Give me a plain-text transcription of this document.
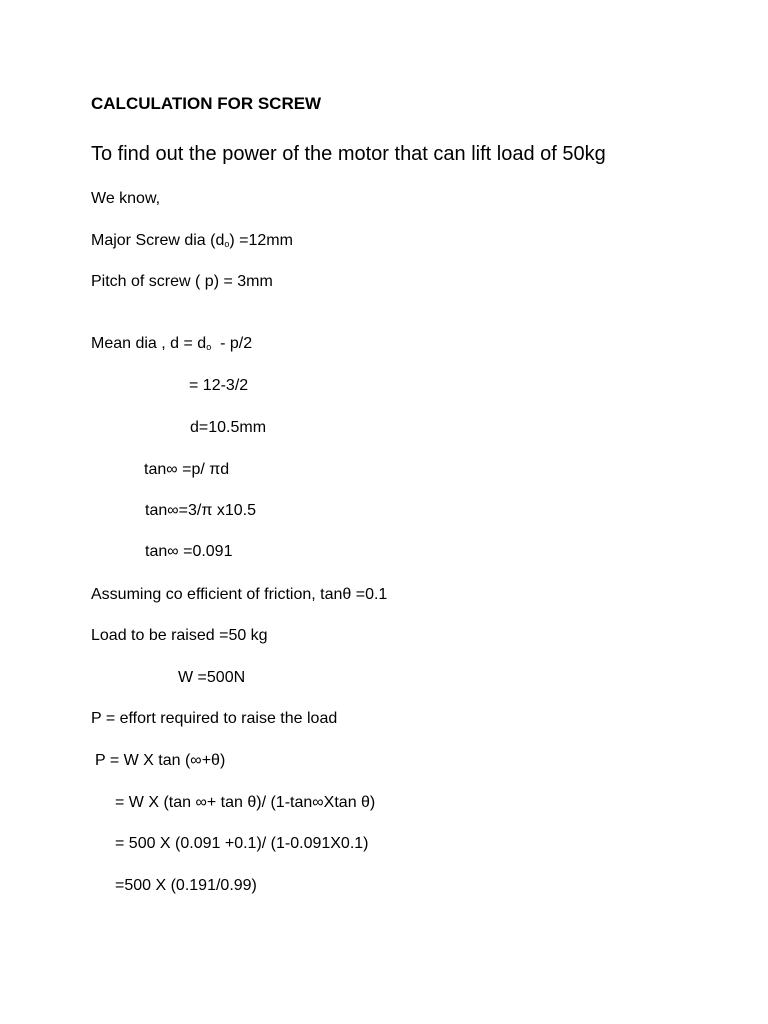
CALCULATION FOR SCREW
To find out the power of the motor that can lift load of 50kg
We know,
Major Screw dia $(d_o) =12mm$
Pitch of screw ( p) = 3mm
Mean dia , $d = d_o - p/2$
= 12-3/2
d=10.5mm
tan∞ =p/ πd
tan∞=3/π x10.5
tan∞ =0.091
Assuming co efficient of friction, tanθ =0.1
Load to be raised =50 kg
W =500N
P = effort required to raise the load
P = W X tan (∞+θ)
= W X (tan ∞+ tan θ)/ (1-tan∞Xtan θ)
= 500 X (0.091 +0.1)/ (1-0.091X0.1)
=500 X (0.191/0.99)
